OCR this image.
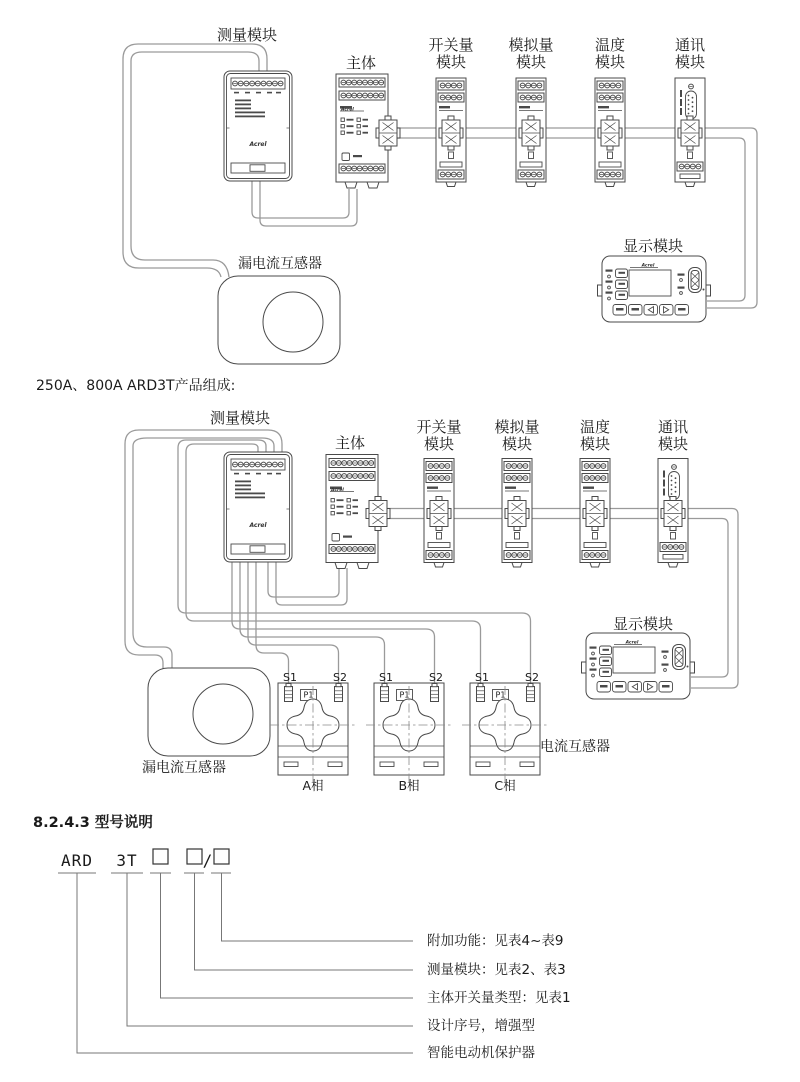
Acrel
Acrel
Acrel
测量模块
主体
开关量
模块
模拟量
模块
温度
模块
通讯
模块
显示模块
漏电流互感器
250A、800A ARD3T产品组成:
Acrel
Acrel
Acrel
测量模块
主体
开关量
模块
模拟量
模块
温度
模块
通讯
模块
显示模块
漏电流互感器
电流互感器
S1	S2	S1	S2	S1	S2
P1	P1	P1
A相	B相	C相
8.2.4.3 型号说明
ARD 3T	/
附加功能：见表4~表9
测量模块：见表2、表3
主体开关量类型：见表1
设计序号，增强型
智能电动机保护器
